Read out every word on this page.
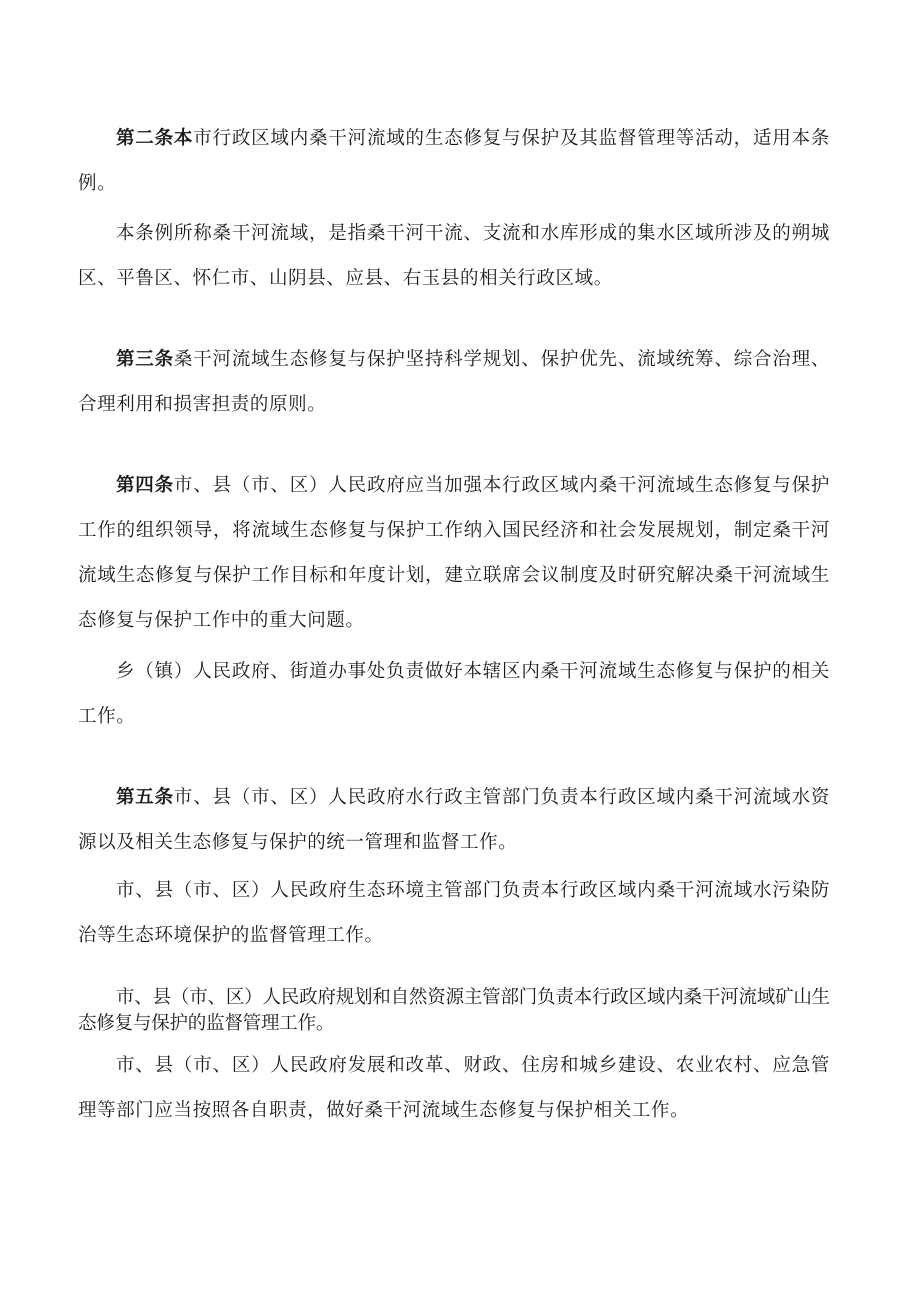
第二条本市行政区域内桑干河流域的生态修复与保护及其监督管理等活动，适用本条例。

本条例所称桑干河流域，是指桑干河干流、支流和水库形成的集水区域所涉及的朔城区、平鲁区、怀仁市、山阴县、应县、右玉县的相关行政区域。

第三条桑干河流域生态修复与保护坚持科学规划、保护优先、流域统筹、综合治理、合理利用和损害担责的原则。

第四条市、县（市、区）人民政府应当加强本行政区域内桑干河流域生态修复与保护工作的组织领导，将流域生态修复与保护工作纳入国民经济和社会发展规划，制定桑干河流域生态修复与保护工作目标和年度计划，建立联席会议制度及时研究解决桑干河流域生态修复与保护工作中的重大问题。

乡（镇）人民政府、街道办事处负责做好本辖区内桑干河流域生态修复与保护的相关工作。

第五条市、县（市、区）人民政府水行政主管部门负责本行政区域内桑干河流域水资源以及相关生态修复与保护的统一管理和监督工作。

市、县（市、区）人民政府生态环境主管部门负责本行政区域内桑干河流域水污染防治等生态环境保护的监督管理工作。

市、县（市、区）人民政府规划和自然资源主管部门负责本行政区域内桑干河流域矿山生态修复与保护的监督管理工作。

市、县（市、区）人民政府发展和改革、财政、住房和城乡建设、农业农村、应急管理等部门应当按照各自职责，做好桑干河流域生态修复与保护相关工作。
